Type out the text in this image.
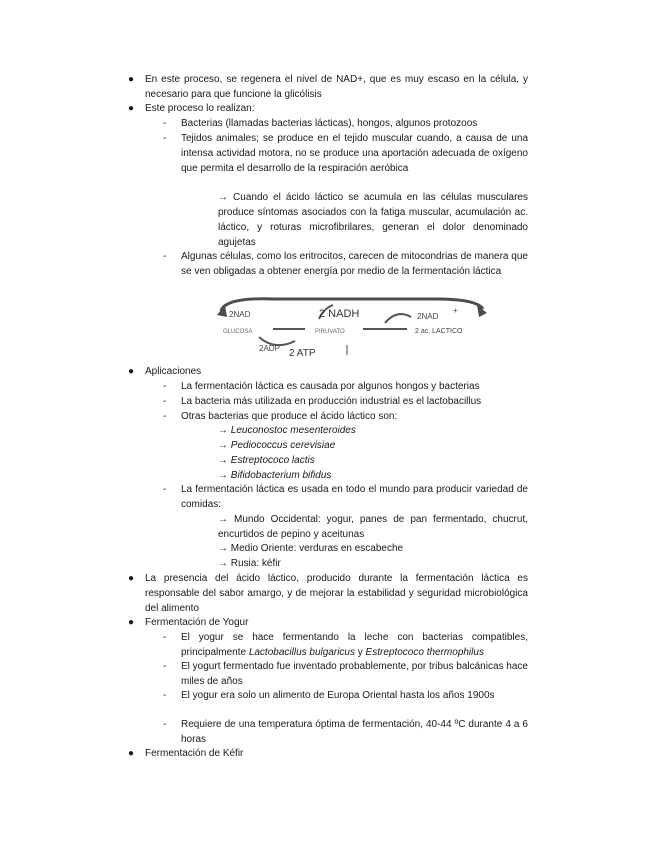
● En este proceso, se regenera el nivel de NAD+, que es muy escaso en la célula, y necesario para que funcione la glicólisis
● Este proceso lo realizan:
- Bacterias (llamadas bacterias lácticas), hongos, algunos protozoos
- Tejidos animales; se produce en el tejido muscular cuando, a causa de una intensa actividad motora, no se produce una aportación adecuada de oxígeno que permita el desarrollo de la respiración aeróbica
→ Cuando el ácido láctico se acumula en las células musculares produce síntomas asociados con la fatiga muscular, acumulación ac. láctico, y roturas microfibrilares, generan el dolor denominado agujetas
- Algunas células, como los eritrocitos, carecen de mitocondrias de manera que se ven obligadas a obtener energía por medio de la fermentación láctica
2NAD	2 NADH	2NAD
+
GLUCOSA	PIRUVATO	2 ac. LACTICO
2ADP 2 ATP
● Aplicaciones
- La fermentación láctica es causada por algunos hongos y bacterias
- La bacteria más utilizada en producción industrial es el lactobacillus
- Otras bacterias que produce el ácido láctico son:
→ Leuconostoc mesenteroides
→ Pediococcus cerevisiae
→ Estreptococo lactis
→ Bifidobacterium bifidus
- La fermentación láctica es usada en todo el mundo para producir variedad de comidas:
→ Mundo Occidental: yogur, panes de pan fermentado, chucrut, encurtidos de pepino y aceitunas
→ Medio Oriente: verduras en escabeche
→ Rusia: kéfir
● La presencia del ácido láctico, producido durante la fermentación láctica es responsable del sabor amargo, y de mejorar la estabilidad y seguridad microbiológica del alimento
● Fermentación de Yogur
- El yogur se hace fermentando la leche con bacterias compatibles, principalmente Lactobacillus bulgaricus y Estreptococo thermophilus
- El yogurt fermentado fue inventado probablemente, por tribus balcánicas hace miles de años
- El yogur era solo un alimento de Europa Oriental hasta los años 1900s
- Requiere de una temperatura óptima de fermentación, 40-44 ºC durante 4 a 6 horas
● Fermentación de Kéfir
